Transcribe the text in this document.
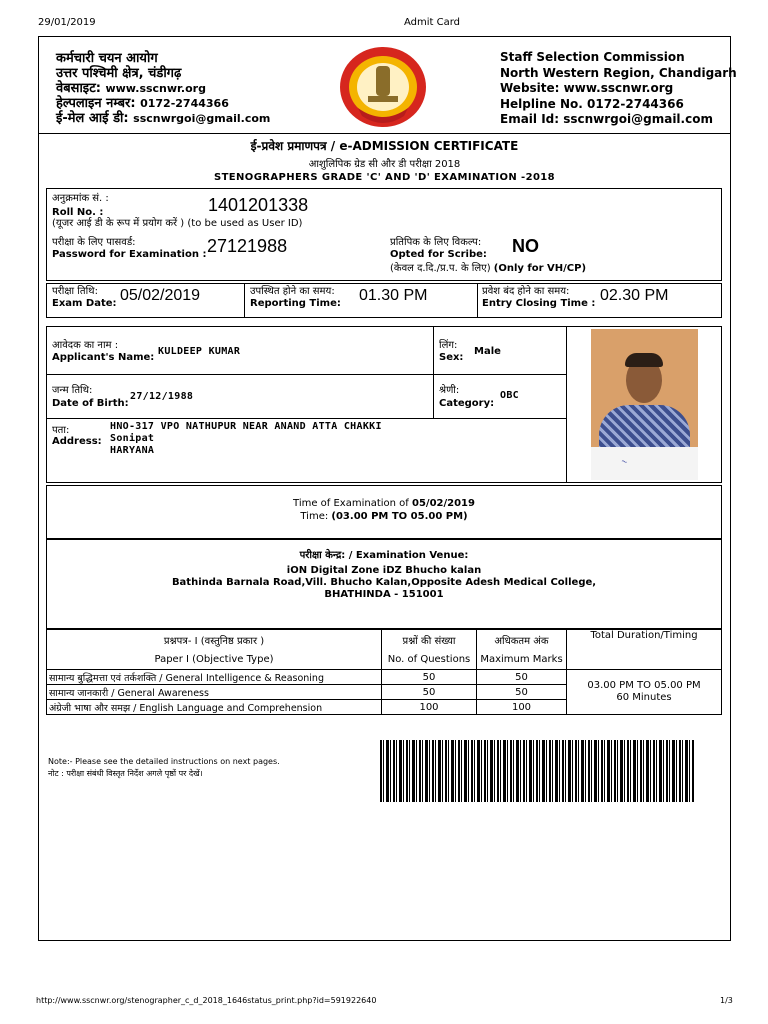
29/01/2019	Admit Card
कर्मचारी चयन आयोग
उत्तर पश्चिमी क्षेत्र, चंडीगढ़
वेबसाइट: www.sscnwr.org
हेल्पलाइन नम्बर: 0172-2744366
ई-मेल आई डी: sscnwrgoi@gmail.com
Staff Selection Commission
North Western Region, Chandigarh
Website: www.sscnwr.org
Helpline No. 0172-2744366
Email Id: sscnwrgoi@gmail.com
ई-प्रवेश प्रमाणपत्र / e-ADMISSION CERTIFICATE
आशुलिपिक ग्रेड सी और डी परीक्षा 2018
STENOGRAPHERS GRADE 'C' AND 'D' EXAMINATION -2018
अनुक्रमांक सं. :
Roll No. :	1401201338
(यूजर आई डी के रूप में प्रयोग करें ) (to be used as User ID)
परीक्षा के लिए पासवर्ड:
Password for Examination : 27121988	प्रतिपिक के लिए विकल्प:
Opted for Scribe: NO
(केवल द.दि./प्र.प. के लिए) (Only for VH/CP)
परीक्षा तिथि:
Exam Date: 05/02/2019	उपस्थित होने का समय:
Reporting Time: 01.30 PM	प्रवेश बंद होने का समय:
Entry Closing Time : 02.30 PM
आवेदक का नाम :
Applicant's Name:
KULDEEP KUMAR
लिंग:
Sex:
Male
जन्म तिथि:
Date of Birth:
27/12/1988
श्रेणी:
Category:
OBC
पता:
Address:
HNO-317 VPO NATHUPUR NEAR ANAND ATTA CHAKKI
Sonipat
HARYANA
~
Time of Examination of 05/02/2019
Time: (03.00 PM TO 05.00 PM)
परीक्षा केन्द्र: / Examination Venue:
iON Digital Zone iDZ Bhucho kalan
Bathinda Barnala Road,Vill. Bhucho Kalan,Opposite Adesh Medical College,
BHATHINDA - 151001
प्रश्नपत्र- I (वस्तुनिष्ठ प्रकार )	प्रश्नों की संख्या	अधिकतम अंक	Total Duration/Timing
Paper I (Objective Type)	No. of Questions	Maximum Marks	
सामान्य बुद्धिमत्ता एवं तर्कशक्ति / General Intelligence & Reasoning	50	50	03.00 PM TO 05.00 PM
60 Minutes

सामान्य जानकारी / General Awareness	50	50	
अंग्रेजी भाषा और समझ / English Language and Comprehension	100	100	
Note:- Please see the detailed instructions on next pages.
नोट : परीक्षा संबंधी विस्तृत निर्देश अगले पृष्ठों पर देखें।
http://www.sscnwr.org/stenographer_c_d_2018_1646status_print.php?id=591922640	1/3
